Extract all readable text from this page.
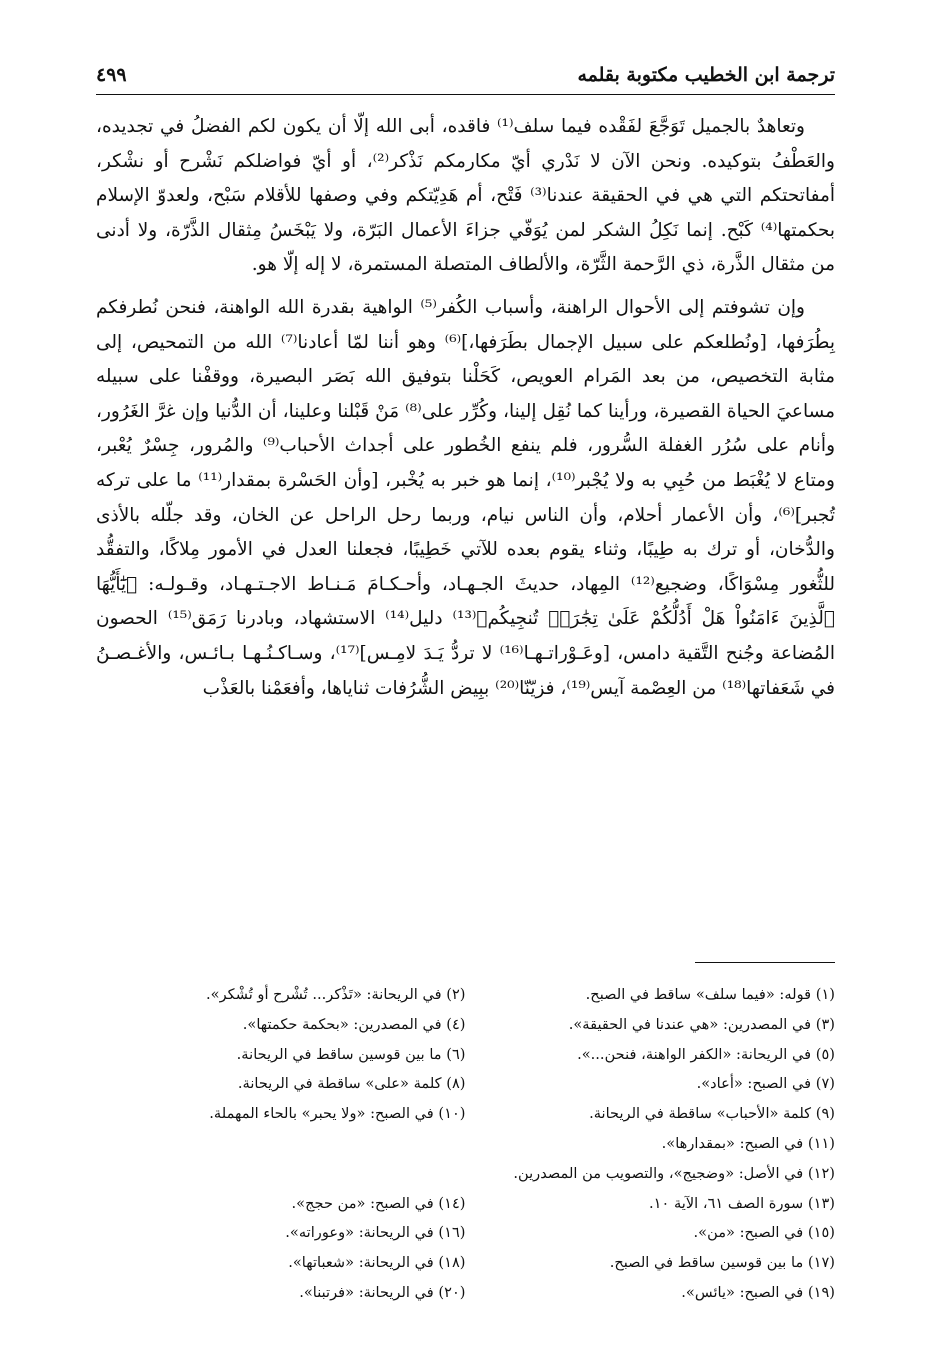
٤٩٩	ترجمة ابن الخطيب مكتوبة بقلمه

وتعاهدٌ بالجميل تَوَجَّعَ لفَقْده فيما سلف⁽¹⁾ فاقده، أبى الله إلّا أن يكون لكم الفضلُ في تجديده، والعَطْفُ بتوكيده. ونحن الآن لا نَدْري أيّ مكارمكم نَذْكر⁽²⁾، أو أيّ فواضلكم نَشْرح أو نشْكر، أمفاتحتكم التي هي في الحقيقة عندنا⁽³⁾ فَتْح، أم هَدِيّتكم وفي وصفها للأقلام سَبْح، ولعدوّ الإسلام بحكمتها⁽⁴⁾ كَبْح. إنما نَكِلُ الشكر لمن يُوَفّي جزاءَ الأعمال البَرّة، ولا يَبْخَسُ مِثقال الذَّرّة، ولا أدنى من مثقال الذَّرة، ذي الرَّحمة الثَّرّة، والألطاف المتصلة المستمرة، لا إله إلّا هو.

وإن تشوفتم إلى الأحوال الراهنة، وأسباب الكُفر⁽⁵⁾ الواهية بقدرة الله الواهنة، فنحن نُطرفكم بِطُرَفها، [ونُطلعكم على سبيل الإجمال بطَرَفها،]⁽⁶⁾ وهو أننا لمّا أعادنا⁽⁷⁾ الله من التمحيص، إلى مثابة التخصيص، من بعد المَرام العويص، كَحَلْنا بتوفيق الله بَصَر البصيرة، ووقفْنا على سبيله مساعيَ الحياة القصيرة، ورأينا كما نُقِل إلينا، وكُرِّر على⁽⁸⁾ مَنْ قَبْلنا وعلينا، أن الدُّنيا وإن غرَّ الغَرُور، وأنام على سُرُر الغفلة السُّرور، فلم ينفع الخُطور على أجداث الأحباب⁽⁹⁾ والمُرور، جِسْرٌ يُعْبر، ومتاع لا يُغْبَط من حُبِي به ولا يُجْبر⁽¹⁰⁾، إنما هو خبر به يُخْبر، [وأن الحَسْرة بمقدار⁽¹¹⁾ ما على تركه تُجبر]⁽⁶⁾، وأن الأعمار أحلام، وأن الناس نيام، وربما رحل الراحل عن الخان، وقد جلّله بالأذى والدُّخان، أو ترك به طِيبًا، وثناء يقوم بعده للآتي خَطِيبًا، فجعلنا العدل في الأمور مِلاكًا، والتفقُّد للثُّغور مِسْوَاكًا، وضجيع⁽¹²⁾ المِهاد، حديثَ الجـهـاد، وأحـكـامَ مَـنـاط الاجـتـهـاد، وقـولـه: ﴿يَٰٓأَيُّهَا ٱلَّذِينَ ءَامَنُواْ هَلْ أَدُلُّكُمْ عَلَىٰ تِجَٰرَةٖ تُنجِيكُم﴾⁽¹³⁾ دليل⁽¹⁴⁾ الاستشهاد، وبادرنا رَمَق⁽¹⁵⁾ الحصون المُضاعة وجُنح التَّقية دامس، [وعَـوْراتـهـا⁽¹⁶⁾ لا تردُّ يَـدَ لامِـس]⁽¹⁷⁾، وسـاكـنُـهـا بـائـس، والأغـصـنُ في شَعَفاتها⁽¹⁸⁾ من العِصْمة آيس⁽¹⁹⁾، فزيّنّا⁽²⁰⁾ ببِيض الشُّرُفات ثناياها، وأفعَمْنا بالعَذْب

(١) قوله: «فيما سلف» ساقط في الصبح.
(٢) في الريحانة: «تَذْكر... تُشْرح أو تُشْكر».
(٣) في المصدرين: «هي عندنا في الحقيقة».
(٤) في المصدرين: «بحكمة حكمتها».
(٥) في الريحانة: «الكفر الواهنة، فنحن...».
(٦) ما بين قوسين ساقط في الريحانة.
(٧) في الصبح: «أعاد».
(٨) كلمة «على» ساقطة في الريحانة.
(٩) كلمة «الأحباب» ساقطة في الريحانة.
(١٠) في الصبح: «ولا يحبر» بالحاء المهملة.
(١١) في الصبح: «بمقدارها».
(١٢) في الأصل: «وضجيج»، والتصويب من المصدرين.
(١٣) سورة الصف ٦١، الآية ١٠.
(١٤) في الصبح: «من حجج».
(١٥) في الصبح: «من».
(١٦) في الريحانة: «وعوراته».
(١٧) ما بين قوسين ساقط في الصبح.
(١٨) في الريحانة: «شعباتها».
(١٩) في الصبح: «يائس».
(٢٠) في الريحانة: «فرتبنا».
